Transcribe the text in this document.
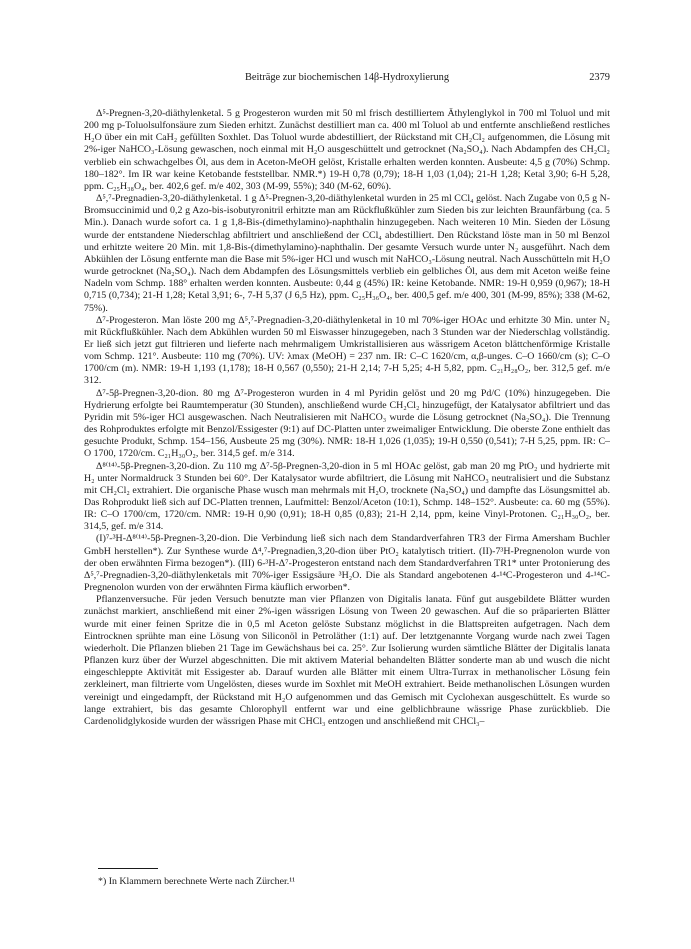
Beiträge zur biochemischen 14β-Hydroxylierung	2379

Δ⁵-Pregnen-3,20-diäthylenketal. 5 g Progesteron wurden mit 50 ml frisch destilliertem Äthylenglykol in 700 ml Toluol und mit 200 mg p-Toluolsulfonsäure zum Sieden erhitzt. Zunächst destilliert man ca. 400 ml Toluol ab und entfernte anschließend restliches H₂O über ein mit CaH₂ gefüllten Soxhlet. Das Toluol wurde abdestilliert, der Rückstand mit CH₂Cl₂ aufgenommen, die Lösung mit 2%-iger NaHCO₃-Lösung gewaschen, noch einmal mit H₂O ausgeschüttelt und getrocknet (Na₂SO₄). Nach Abdampfen des CH₂Cl₂ verblieb ein schwachgelbes Öl, aus dem in Aceton-MeOH gelöst, Kristalle erhalten werden konnten. Ausbeute: 4,5 g (70%) Schmp. 180–182°. Im IR war keine Ketobande feststellbar. NMR.*) 19-H 0,78 (0,79); 18-H 1,03 (1,04); 21-H 1,28; Ketal 3,90; 6-H 5,28, ppm. C₂₅H₃₈O₄, ber. 402,6 gef. m/e 402, 303 (M-99, 55%); 340 (M-62, 60%).

Δ⁵,⁷-Pregnadien-3,20-diäthylenketal. 1 g Δ⁵-Pregnen-3,20-diäthylenketal wurden in 25 ml CCl₄ gelöst. Nach Zugabe von 0,5 g N-Bromsuccinimid und 0,2 g Azo-bis-isobutyronitril erhitzte man am Rückflußkühler zum Sieden bis zur leichten Braunfärbung (ca. 5 Min.). Danach wurde sofort ca. 1 g 1,8-Bis-(dimethylamino)-naphthalin hinzugegeben. Nach weiteren 10 Min. Sieden der Lösung wurde der entstandene Niederschlag abfiltriert und anschließend der CCl₄ abdestilliert. Den Rückstand löste man in 50 ml Benzol und erhitzte weitere 20 Min. mit 1,8-Bis-(dimethylamino)-naphthalin. Der gesamte Versuch wurde unter N₂ ausgeführt. Nach dem Abkühlen der Lösung entfernte man die Base mit 5%-iger HCl und wusch mit NaHCO₃-Lösung neutral. Nach Ausschütteln mit H₂O wurde getrocknet (Na₂SO₄). Nach dem Abdampfen des Lösungsmittels verblieb ein gelbliches Öl, aus dem mit Aceton weiße feine Nadeln vom Schmp. 188° erhalten werden konnten. Ausbeute: 0,44 g (45%) IR: keine Ketobande. NMR: 19-H 0,959 (0,967); 18-H 0,715 (0,734); 21-H 1,28; Ketal 3,91; 6-, 7-H 5,37 (J 6,5 Hz), ppm. C₂₅H₃₆O₄, ber. 400,5 gef. m/e 400, 301 (M-99, 85%); 338 (M-62, 75%).

Δ⁷-Progesteron. Man löste 200 mg Δ⁵,⁷-Pregnadien-3,20-diäthylenketal in 10 ml 70%-iger HOAc und erhitzte 30 Min. unter N₂ mit Rückflußkühler. Nach dem Abkühlen wurden 50 ml Eiswasser hinzugegeben, nach 3 Stunden war der Niederschlag vollständig. Er ließ sich jetzt gut filtrieren und lieferte nach mehrmaligem Umkristallisieren aus wässrigem Aceton blättchenförmige Kristalle vom Schmp. 121°. Ausbeute: 110 mg (70%). UV: λmax (MeOH) = 237 nm. IR: C–C 1620/cm, α,β-unges. C–O 1660/cm (s); C–O 1700/cm (m). NMR: 19-H 1,193 (1,178); 18-H 0,567 (0,550); 21-H 2,14; 7-H 5,25; 4-H 5,82, ppm. C₂₁H₂₈O₂, ber. 312,5 gef. m/e 312.

Δ⁷-5β-Pregnen-3,20-dion. 80 mg Δ⁷-Progesteron wurden in 4 ml Pyridin gelöst und 20 mg Pd/C (10%) hinzugegeben. Die Hydrierung erfolgte bei Raumtemperatur (30 Stunden), anschließend wurde CH₂Cl₂ hinzugefügt, der Katalysator abfiltriert und das Pyridin mit 5%-iger HCl ausgewaschen. Nach Neutralisieren mit NaHCO₃ wurde die Lösung getrocknet (Na₂SO₄). Die Trennung des Rohproduktes erfolgte mit Benzol/Essigester (9:1) auf DC-Platten unter zweimaliger Entwicklung. Die oberste Zone enthielt das gesuchte Produkt, Schmp. 154–156, Ausbeute 25 mg (30%). NMR: 18-H 1,026 (1,035); 19-H 0,550 (0,541); 7-H 5,25, ppm. IR: C–O 1700, 1720/cm. C₂₁H₃₀O₂, ber. 314,5 gef. m/e 314.

Δ⁸⁽¹⁴⁾-5β-Pregnen-3,20-dion. Zu 110 mg Δ⁷-5β-Pregnen-3,20-dion in 5 ml HOAc gelöst, gab man 20 mg PtO₂ und hydrierte mit H₂ unter Normaldruck 3 Stunden bei 60°. Der Katalysator wurde abfiltriert, die Lösung mit NaHCO₃ neutralisiert und die Substanz mit CH₂Cl₂ extrahiert. Die organische Phase wusch man mehrmals mit H₂O, trocknete (Na₂SO₄) und dampfte das Lösungsmittel ab. Das Rohprodukt ließ sich auf DC-Platten trennen, Laufmittel: Benzol/Aceton (10:1), Schmp. 148–152°. Ausbeute: ca. 60 mg (55%). IR: C–O 1700/cm, 1720/cm. NMR: 19-H 0,90 (0,91); 18-H 0,85 (0,83); 21-H 2,14, ppm, keine Vinyl-Protonen. C₂₁H₃₀O₂, ber. 314,5, gef. m/e 314.

(I)⁷-³H-Δ⁸⁽¹⁴⁾-5β-Pregnen-3,20-dion. Die Verbindung ließ sich nach dem Standardverfahren TR3 der Firma Amersham Buchler GmbH herstellen*). Zur Synthese wurde Δ⁴,⁷-Pregnadien,3,20-dion über PtO₂ katalytisch tritiert. (II)-7³H-Pregnenolon wurde von der oben erwähnten Firma bezogen*). (III) 6-³H-Δ⁷-Progesteron entstand nach dem Standardverfahren TR1* unter Protonierung des Δ⁵,⁷-Pregnadien-3,20-diäthylenketals mit 70%-iger Essigsäure ³H₂O. Die als Standard angebotenen 4-¹⁴C-Progesteron und 4-¹⁴C-Pregnenolon wurden von der erwähnten Firma käuflich erworben*.

Pflanzenversuche. Für jeden Versuch benutzte man vier Pflanzen von Digitalis lanata. Fünf gut ausgebildete Blätter wurden zunächst markiert, anschließend mit einer 2%-igen wässrigen Lösung von Tween 20 gewaschen. Auf die so präparierten Blätter wurde mit einer feinen Spritze die in 0,5 ml Aceton gelöste Substanz möglichst in die Blattspreiten aufgetragen. Nach dem Eintrocknen sprühte man eine Lösung von Siliconöl in Petroläther (1:1) auf. Der letztgenannte Vorgang wurde nach zwei Tagen wiederholt. Die Pflanzen blieben 21 Tage im Gewächshaus bei ca. 25°. Zur Isolierung wurden sämtliche Blätter der Digitalis lanata Pflanzen kurz über der Wurzel abgeschnitten. Die mit aktivem Material behandelten Blätter sonderte man ab und wusch die nicht eingeschleppte Aktivität mit Essigester ab. Darauf wurden alle Blätter mit einem Ultra-Turrax in methanolischer Lösung fein zerkleinert, man filtrierte vom Ungelösten, dieses wurde im Soxhlet mit MeOH extrahiert. Beide methanolischen Lösungen wurden vereinigt und eingedampft, der Rückstand mit H₂O aufgenommen und das Gemisch mit Cyclohexan ausgeschüttelt. Es wurde so lange extrahiert, bis das gesamte Chlorophyll entfernt war und eine gelblichbraune wässrige Phase zurückblieb. Die Cardenolidglykoside wurden der wässrigen Phase mit CHCl₃ entzogen und anschließend mit CHCl₃–

*) In Klammern berechnete Werte nach Zürcher.¹¹
